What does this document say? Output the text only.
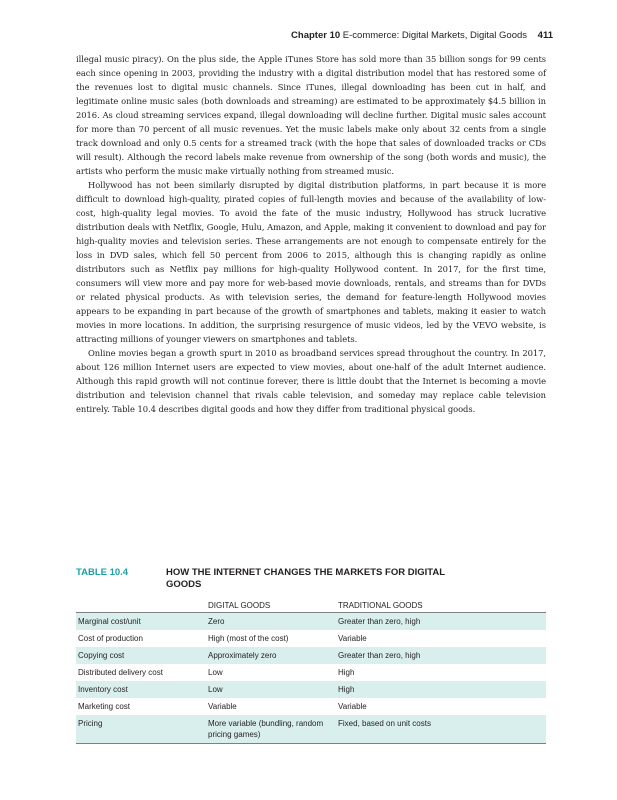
Chapter 10 E-commerce: Digital Markets, Digital Goods 411

illegal music piracy). On the plus side, the Apple iTunes Store has sold more than 35 billion songs for 99 cents each since opening in 2003, providing the industry with a digital distribution model that has restored some of the revenues lost to digital music channels. Since iTunes, illegal downloading has been cut in half, and legitimate online music sales (both downloads and streaming) are estimated to be approximately $4.5 billion in 2016. As cloud streaming services expand, illegal downloading will decline further. Digital music sales account for more than 70 percent of all music revenues. Yet the music labels make only about 32 cents from a single track download and only 0.5 cents for a streamed track (with the hope that sales of downloaded tracks or CDs will result). Although the record labels make revenue from ownership of the song (both words and music), the artists who perform the music make virtually nothing from streamed music.

Hollywood has not been similarly disrupted by digital distribution platforms, in part because it is more difficult to download high-quality, pirated copies of full-length movies and because of the availability of low-cost, high-quality legal movies. To avoid the fate of the music industry, Hollywood has struck lucrative distribution deals with Netflix, Google, Hulu, Amazon, and Apple, making it convenient to download and pay for high-quality movies and television series. These arrangements are not enough to compensate entirely for the loss in DVD sales, which fell 50 percent from 2006 to 2015, although this is changing rapidly as online distributors such as Netflix pay millions for high-quality Hollywood content. In 2017, for the first time, consumers will view more and pay more for web-based movie downloads, rentals, and streams than for DVDs or related physical products. As with television series, the demand for feature-length Hollywood movies appears to be expanding in part because of the growth of smartphones and tablets, making it easier to watch movies in more locations. In addition, the surprising resurgence of music videos, led by the VEVO website, is attracting millions of younger viewers on smartphones and tablets.

Online movies began a growth spurt in 2010 as broadband services spread throughout the country. In 2017, about 126 million Internet users are expected to view movies, about one-half of the adult Internet audience. Although this rapid growth will not continue forever, there is little doubt that the Internet is becoming a movie distribution and television channel that rivals cable television, and someday may replace cable television entirely. Table 10.4 describes digital goods and how they differ from traditional physical goods.

TABLE 10.4	HOW THE INTERNET CHANGES THE MARKETS FOR DIGITAL GOODS
	DIGITAL GOODS	TRADITIONAL GOODS
Marginal cost/unit	Zero	Greater than zero, high
Cost of production	High (most of the cost)	Variable
Copying cost	Approximately zero	Greater than zero, high
Distributed delivery cost	Low	High
Inventory cost	Low	High
Marketing cost	Variable	Variable
Pricing	More variable (bundling, random pricing games)	Fixed, based on unit costs
